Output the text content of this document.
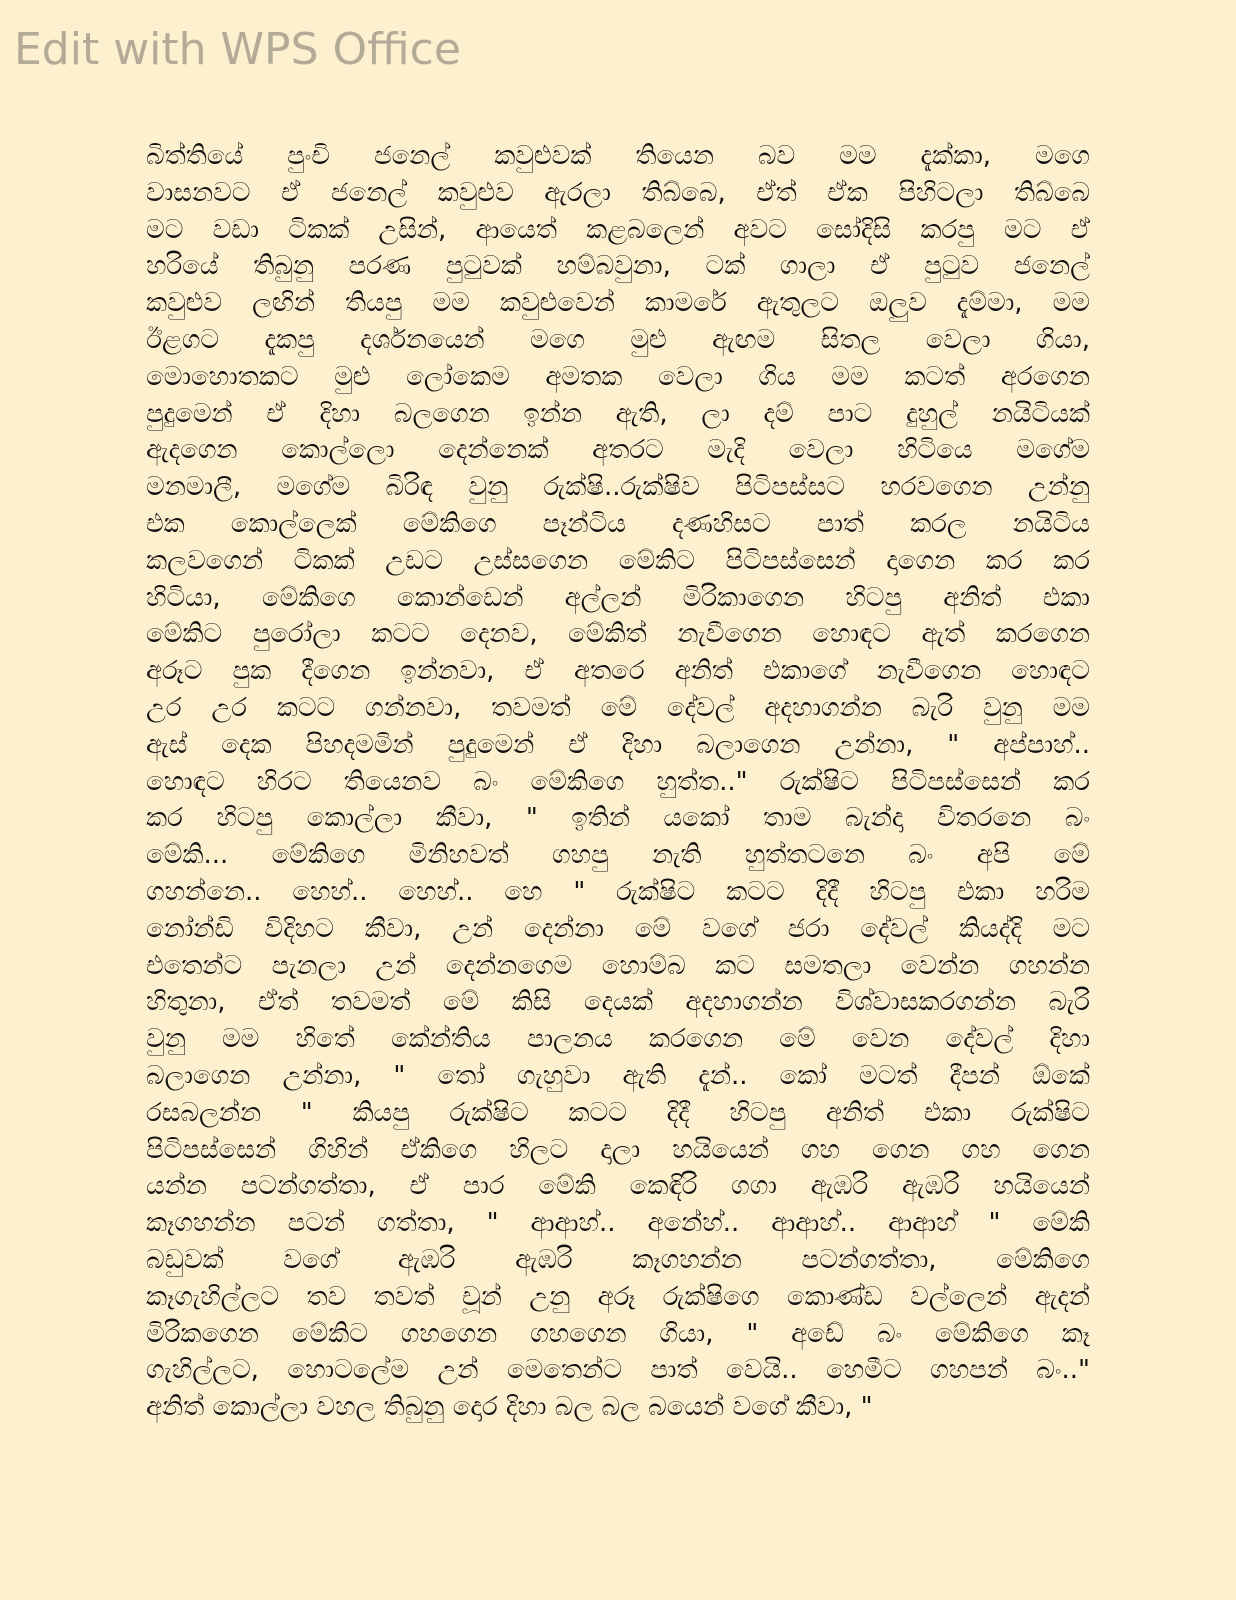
Edit with WPS Office
බිත්තියේ පුංචි ජනෙල් කවුළුවක් තියෙන බව මම දැක්කා, මගෙ
වාසනවට ඒ ජනෙල් කවුළුව ඇරලා තිබ්බෙ, ඒත් ඒක පිහිටලා තිබ්බෙ
මට වඩා ටිකක් උසින්, ආයෙත් කළබලෙන් අවට සෝදිසි කරපු මට ඒ
හරියේ තිබුනු පරණ පුටුවක් හම්බවුනා, ටක් ගාලා ඒ පුටුව ජනෙල්
කවුළුව ලඟින් තියපු මම කවුළුවෙන් කාමරේ ඇතුලට ඔලුව දැම්මා, මම
ඊළගට දැකපු දර්ශනයෙන් මගෙ මුළු ඇඟම සිතල වෙලා ගියා,
මොහොතකට මුළු ලෝකෙම අමතක වෙලා ගිය මම කටත් අරගෙන
පුදුමෙන් ඒ දිහා බලගෙන ඉන්න ඇති, ලා දම් පාට දුහුල් නයිටියක්
ඇදගෙන කොල්ලො දෙන්නෙක් අතරට මැදි වෙලා හිටියෙ මගේම
මනමාලී, මගේම බිරිඳ වුනු රුක්ෂි..රුක්ෂිව පිටිපස්සට හරවගෙන උන්නු
එක කොල්ලෙක් මේකිගෙ පෑන්ටිය දණහිසට පාත් කරල නයිටිය
කලවගෙන් ටිකක් උඩට උස්සගෙන මේකිට පිටිපස්සෙන් දාගෙන කර කර
හිටියා, මේකිගෙ කොන්ඩෙන් අල්ලන් මිරිකාගෙන හිටපු අනිත් එකා
මේකිට පුරෝලා කටට දෙනව, මේකිත් නැවීගෙන හොඳට ඇත් කරගෙන
අරූට පුක දීගෙන ඉන්නවා, ඒ අතරෙ අනිත් එකාගේ නැවීගෙන හොඳට
උර උර කටට ගන්නවා, තවමත් මේ දේවල් අදහාගන්න බැරි වුනු මම
ඇස් දෙක පිහදමමින් පුදුමෙන් ඒ දිහා බලාගෙන උන්නා, " අප්පාහ්..
හොඳට හිරට තියෙනව බං මේකිගෙ හුත්ත.." රුක්ෂිට පිටිපස්සෙන් කර
කර හිටපු කොල්ලා කීවා, " ඉතින් යකෝ තාම බැන්දා විතරනෙ බං
මේකි... මේකිගෙ මිනිහවත් ගහපු නැති හුත්තටනෙ බං අපි මේ
ගහන්නෙ.. හෙහ්.. හෙහ්.. හෙ " රුක්ෂිට කටට දිදී හිටපු එකා හරිම
නෝන්ඩි විදිහට කීවා, උන් දෙන්නා මේ වගේ ජරා දේවල් කියද්දි මට
එතෙන්ට පැනලා උන් දෙන්නගෙම හොම්බ කට සමතලා වෙන්න ගහන්න
හිතුනා, ඒත් තවමත් මේ කිසි දෙයක් අදහාගන්න විශ්වාසකරගන්න බැරි
වුනු මම හිතේ කේන්තිය පාලනය කරගෙන මේ වෙන දේවල් දිහා
බලාගෙන උන්නා, " තෝ ගැහුවා ඇති දැන්.. කෝ මටත් දීපන් ඕකේ
රසබලන්න " කියපු රුක්ෂිට කටට දිදී හිටපු අනිත් එකා රුක්ෂිට
පිටිපස්සෙන් ගිහින් ඒකිගෙ හිලට දාලා හයියෙන් ගහ ගෙන ගහ ගෙන
යන්න පටන්ගත්තා, ඒ පාර මේකි කෙඳිරි ගගා ඇඹරි ඇඹරි හයියෙන්
කෑගහන්න පටන් ගත්තා, " ආආහ්.. අනේහ්.. ආආහ්.. ආආහ් " මේකි
බඩුවක් වගේ ඇඹරි ඇඹරි කෑගහන්න පටන්ගත්තා, මේකිගෙ
කෑගැහිල්ලට තව තවත් චූන් උනු අරූ රුක්ෂිගෙ කොණ්ඩ වල්ලෙන් ඇදන්
මිරිකගෙන මේකිට ගහගෙන ගහගෙන ගියා, " අඩේ බං මේකිගෙ කෑ
ගැහිල්ලට, හොටලේම උන් මෙතෙන්ට පාත් වෙයි.. හෙමීට ගහපන් බං.."
අනිත් කොල්ලා වහල තිබුනු දොර දිහා බල බල බයෙන් වගේ කීවා, "
